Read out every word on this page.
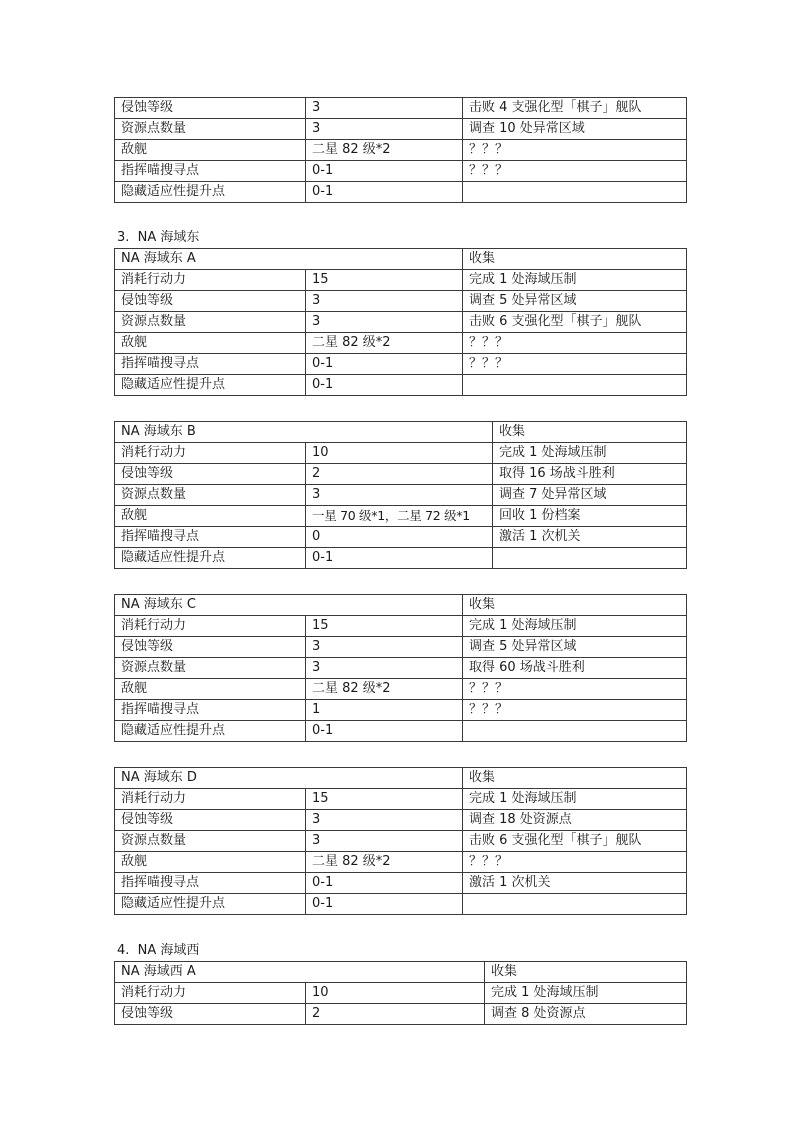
侵蚀等级	3	击败 4 支强化型「棋子」舰队
资源点数量	3	调查 10 处异常区域
敌舰	二星 82 级*2	？？？
指挥喵搜寻点	0-1	？？？
隐藏适应性提升点	0-1	
3.  NA 海域东
NA 海域东 A		收集
消耗行动力	15	完成 1 处海域压制
侵蚀等级	3	调查 5 处异常区域
资源点数量	3	击败 6 支强化型「棋子」舰队
敌舰	二星 82 级*2	？？？
指挥喵搜寻点	0-1	？？？
隐藏适应性提升点	0-1	
NA 海域东 B		收集
消耗行动力	10	完成 1 处海域压制
侵蚀等级	2	取得 16 场战斗胜利
资源点数量	3	调查 7 处异常区域
敌舰	一星 70 级*1，二星 72 级*1	回收 1 份档案
指挥喵搜寻点	0	激活 1 次机关
隐藏适应性提升点	0-1	
NA 海域东 C		收集
消耗行动力	15	完成 1 处海域压制
侵蚀等级	3	调查 5 处异常区域
资源点数量	3	取得 60 场战斗胜利
敌舰	二星 82 级*2	？？？
指挥喵搜寻点	1	？？？
隐藏适应性提升点	0-1	
NA 海域东 D		收集
消耗行动力	15	完成 1 处海域压制
侵蚀等级	3	调查 18 处资源点
资源点数量	3	击败 6 支强化型「棋子」舰队
敌舰	二星 82 级*2	？？？
指挥喵搜寻点	0-1	激活 1 次机关
隐藏适应性提升点	0-1	
4.  NA 海域西
NA 海域西 A		收集
消耗行动力	10	完成 1 处海域压制
侵蚀等级	2	调查 8 处资源点
